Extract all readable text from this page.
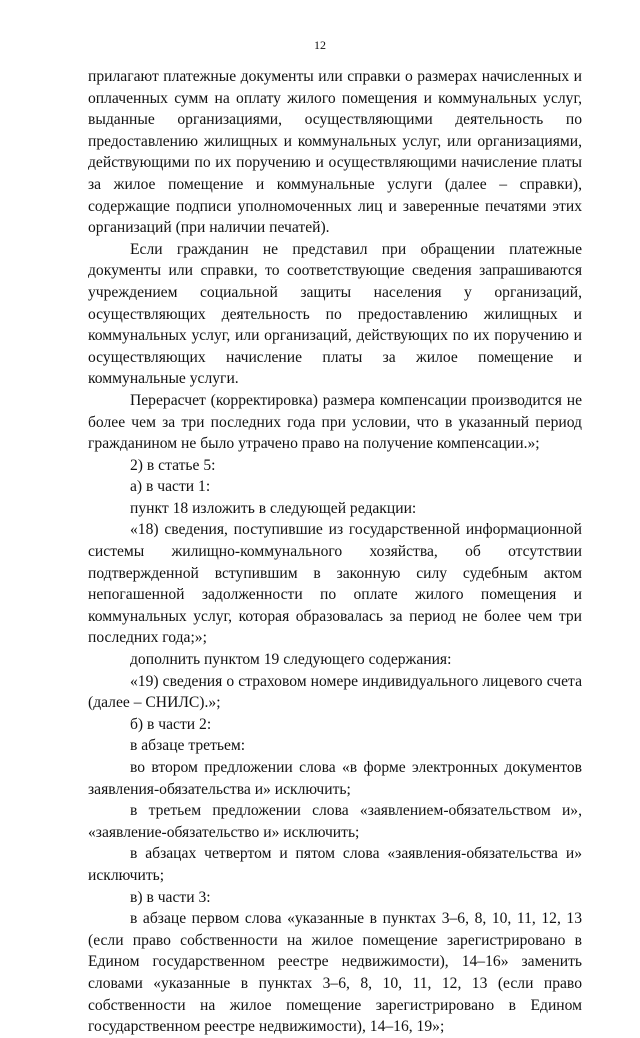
12

прилагают платежные документы или справки о размерах начисленных и оплаченных сумм на оплату жилого помещения и коммунальных услуг, выданные организациями, осуществляющими деятельность по предоставлению жилищных и коммунальных услуг, или организациями, действующими по их поручению и осуществляющими начисление платы за жилое помещение и коммунальные услуги (далее – справки), содержащие подписи уполномоченных лиц и заверенные печатями этих организаций (при наличии печатей).

Если гражданин не представил при обращении платежные документы или справки, то соответствующие сведения запрашиваются учреждением социальной защиты населения у организаций, осуществляющих деятельность по предоставлению жилищных и коммунальных услуг, или организаций, действующих по их поручению и осуществляющих начисление платы за жилое помещение и коммунальные услуги.

Перерасчет (корректировка) размера компенсации производится не более чем за три последних года при условии, что в указанный период гражданином не было утрачено право на получение компенсации.»;

2) в статье 5:

а) в части 1:

пункт 18 изложить в следующей редакции:

«18) сведения, поступившие из государственной информационной системы жилищно-коммунального хозяйства, об отсутствии подтвержденной вступившим в законную силу судебным актом непогашенной задолженности по оплате жилого помещения и коммунальных услуг, которая образовалась за период не более чем три последних года;»;

дополнить пунктом 19 следующего содержания:

«19) сведения о страховом номере индивидуального лицевого счета (далее – СНИЛС).»;

б) в части 2:

в абзаце третьем:

во втором предложении слова «в форме электронных документов заявления-обязательства и» исключить;

в третьем предложении слова «заявлением-обязательством и», «заявление-обязательство и» исключить;

в абзацах четвертом и пятом слова «заявления-обязательства и» исключить;

в) в части 3:

в абзаце первом слова «указанные в пунктах 3–6, 8, 10, 11, 12, 13 (если право собственности на жилое помещение зарегистрировано в Едином государственном реестре недвижимости), 14–16» заменить словами «указанные в пунктах 3–6, 8, 10, 11, 12, 13 (если право собственности на жилое помещение зарегистрировано в Едином государственном реестре недвижимости), 14–16, 19»;
